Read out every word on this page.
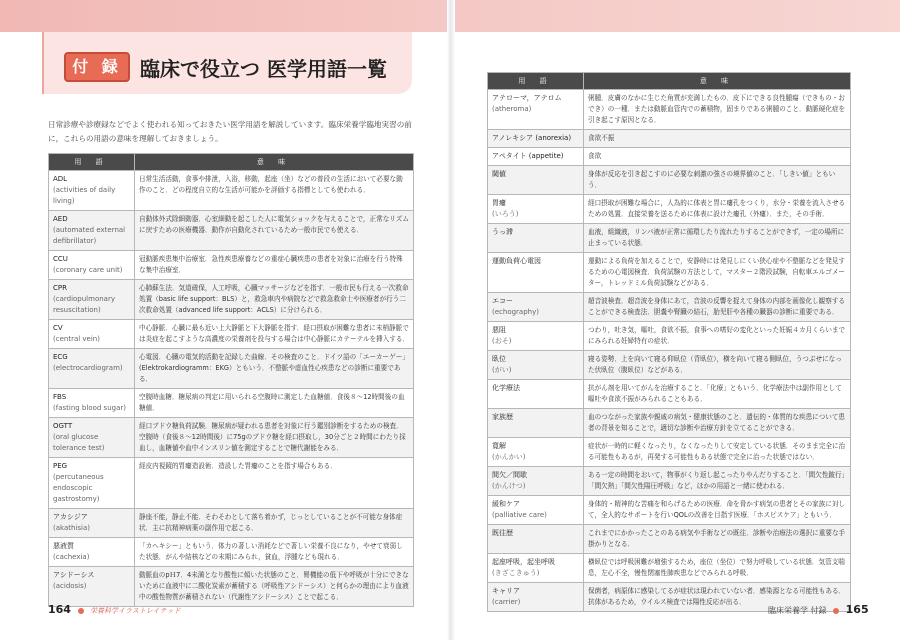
付 録 臨床で役立つ 医学用語一覧

日常診療や診療録などでよく使われる知っておきたい医学用語を解説しています。臨床栄養学臨地実習の前に，これらの用語の意味を理解しておきましょう。

用 語	意 味

ADL
(activities of daily living)	日常生活活動，食事や排泄，入浴，移動，起座（坐）などの普段の生活において必要な動作のこと．どの程度自立的な生活が可能かを評価する指標としても使われる．

AED
(automated external defibrillator)	自動体外式除細動器．心室細動を起こした人に電気ショックを与えることで，正常なリズムに戻すための医療機器．動作が自動化されているため一般市民でも使える．

CCU
(coronary care unit)	冠動脈疾患集中治療室．急性疾患療養などの重症心臓疾患の患者を対象に治療を行う特殊な集中治療室．

CPR
(cardiopulmonary resuscitation)	心肺蘇生法．気道確保，人工呼吸，心臓マッサージなどを指す．一般市民も行える一次救命処置（basic life support：BLS）と，救急車内や病院などで救急救命士や医療者が行う二次救命処置（advanced life support：ACLS）に分けられる．

CV
(central vein)	中心静脈．心臓に最も近い上大静脈と下大静脈を指す．経口摂取が困難な患者に末梢静脈では炎症を起こすような高濃度の栄養剤を投与する場合は中心静脈にカテーテルを挿入する．

ECG
(electrocardiogram)	心電図．心臓の電気的活動を記録した曲線．その検査のこと．ドイツ語の「エーカーゲー」(Elektrokardiogramm：EKG）ともいう．不整脈や虚血性心疾患などの診断に重要である．

FBS
(fasting blood sugar)	空腹時血糖．糖尿病の判定に用いられる空腹時に測定した血糖値．食後８～12時間後の血糖値．

OGTT
(oral glucose tolerance test)	経口ブドウ糖負荷試験．糖尿病が疑われる患者を対象に行う鑑別診断をするための検査．空腹時（食後８～12時間後）に75gのブドウ糖を経口摂取し，30分ごと２時間にわたり採血し，血糖値や血中インスリン値を測定することで糖代謝能をみる．

PEG
(percutaneous endoscopic gastrostomy)	経皮内視鏡的胃瘻造設術．造設した胃瘻のことを指す場合もある．

アカシジア
(akathisia)	静座不能，静止不能．そわそわとして落ち着かず，じっとしていることが不可能な身体症状．主に抗精神病薬の副作用で起こる．

悪液質
(cachexia)	「カヘキシー」ともいう．体力の著しい消耗などで著しい栄養不良になり，やせて衰弱した状態．がんや結核などの末期にみられ，貧血，浮腫なども現れる．

アシドーシス
(acidosis)	動脈血のpＨ7．4未満となり酸性に傾いた状態のこと．腎機能の低下や呼吸が十分にできないために血液中に二酸化炭素が蓄積する（呼吸性アシドーシス）と何らかの理由により血液中の酸性物質が蓄積されない（代謝性アシドーシス）ことで起こる．
用 語	意 味

アテローマ，アテロム
(atheroma)	粥腫．皮膚のなかに生じた角質が充満したもの．皮下にできる良性腫瘍（できもの・おでき）の一種．または動脈血管内での蓄積物，固まりである粥腫のこと．動脈硬化症を引き起こす原因となる．

アノレキシア (anorexia)	食欲不振

アペタイト (appetite)	食欲

閾値	身体が反応を引き起こすのに必要な刺激の強さの境界値のこと．「しきい値」ともいう．

胃瘻
(いろう)	経口摂取が困難な場合に，人為的に体表と胃に瘻孔をつくり，水分・栄養を流入させるための処置．直接栄養を送るために体表に設けた瘻孔（外瘻）．また，その手術．

うっ滞	血液，組織液，リンパ液が正常に循環したり流れたりすることができず，一定の場所に止まっている状態．

運動負荷心電図	運動による負荷を加えることで，安静時には発見しにくい狭心症や不整脈などを発見するための心電図検査．負荷試験の方法として，マスター２階段試験，自転車エルゴメーター，トレッドミル負荷試験などがある．

エコー
(echography)	超音波検査．超音波を身体にあて，音波の反響を捉えて身体の内部を画像化し観察することができる検査法．胆嚢や腎臓の結石，胎児肝や各種の臓器の診断に重要である．

悪阻
(おそ)	つわり，吐き気，嘔吐，食欲不振，食事への嗜好の変化といった妊娠４カ月くらいまでにみられる妊婦特有の症状．

臥位
(がい)	寝る姿勢．上を向いて寝る仰臥位（背臥位），横を向いて寝る側臥位，うつぶせになった伏臥位（腹臥位）などがある．

化学療法	抗がん剤を用いてがんを治療すること．「化療」ともいう．化学療法中は副作用として嘔吐や食欲不振がみられることもある．

家族歴	血のつながった家族や親戚の病気・健康状態のこと．遺伝的・体質的な疾患について患者の背景を知ることで，適切な診断や治療方針を立てることができる．

寛解
(かんかい)	症状が一時的に軽くなったり，なくなったりして安定している状態．そのまま完全に治る可能性もあるが，再発する可能性もある状態で完全に治った状態ではない．

間欠／間歇
(かんけつ)	ある一定の時間をおいて，物事がくり返し起こったりやんだりすること．「間欠性跛行」「間欠熱」「間欠性陽圧呼吸」など，ほかの用語と一緒に使われる．

緩和ケア
(palliative care)	身体的・精神的な苦痛を和らげるための医療．命を脅かす病気の患者とその家族に対して，全人的なサポートを行いQOLの改善を目指す医療．「ホスピスケア」ともいう．

既往歴	これまでにかかったことのある病気や手術などの既往．診断や治療法の選択に重要な手掛かりとなる．

起座呼吸，起坐呼吸
(きざこきゅう)	横臥位では呼吸困難が増強するため，座位（坐位）で努力呼吸している状態．気管支喘息，左心不全，慢性閉塞性肺疾患などでみられる呼吸．

キャリア
(carrier)	保菌者，病原体に感染してるが症状は現われていない者．感染源となる可能性もある．抗体があるため，ウイルス検査では陽性反応が出る．
164	栄養科学イラストレイテッド	臨床栄養学 付録 165
